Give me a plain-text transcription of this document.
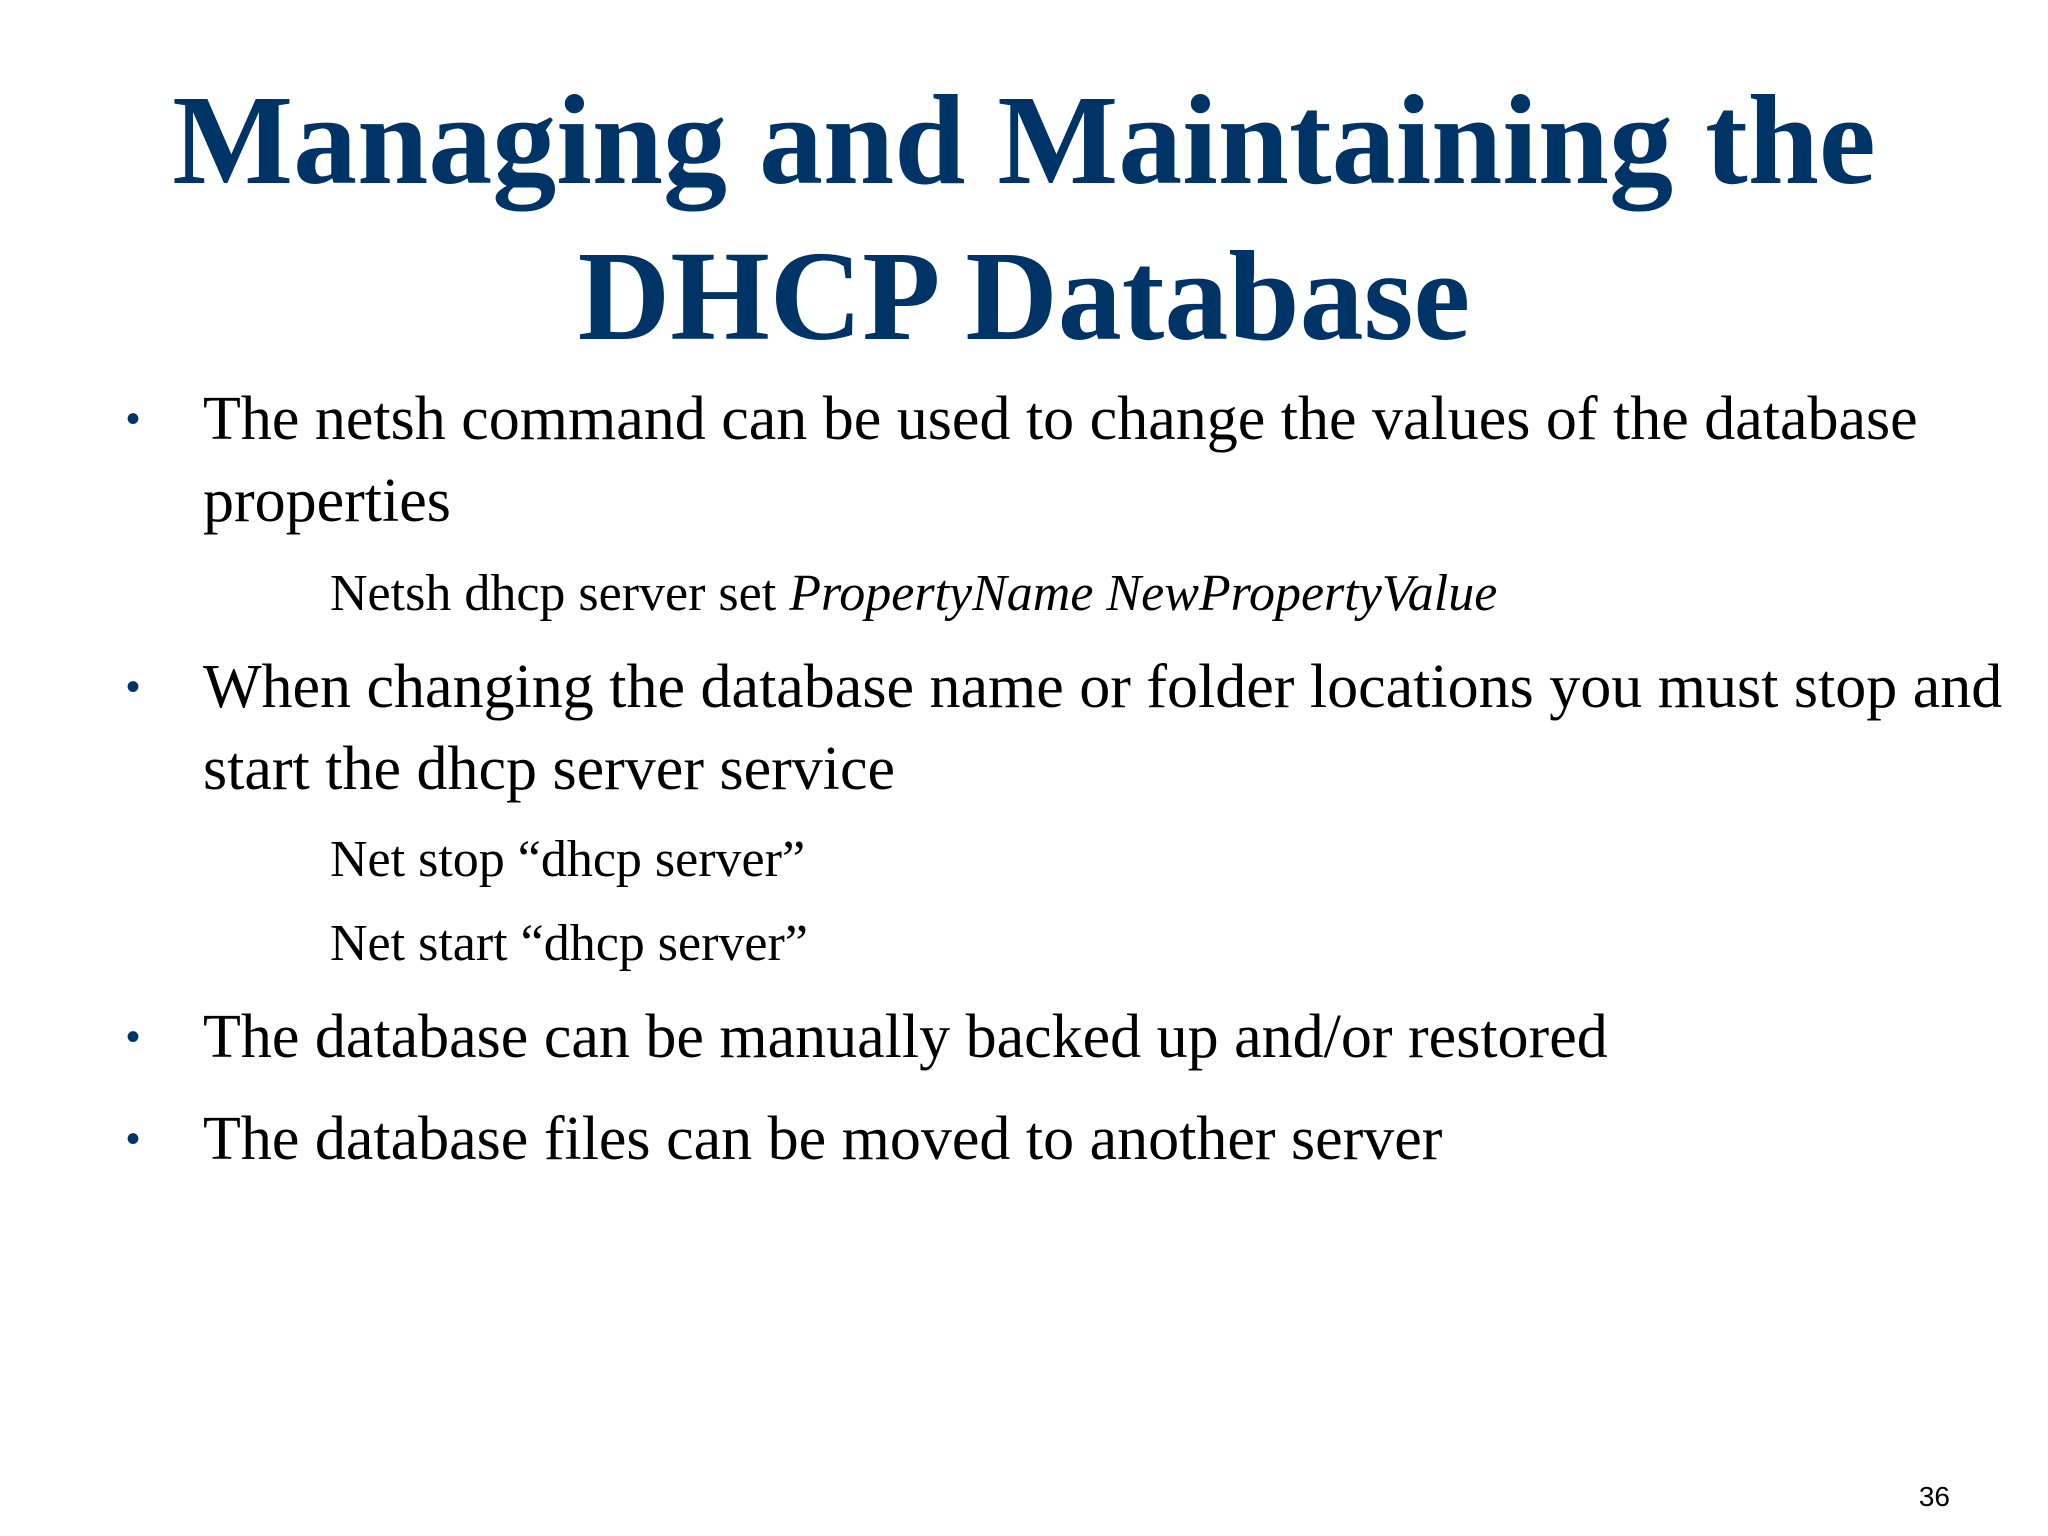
Managing and Maintaining the
DHCP Database
• The netsh command can be used to change the values of the database properties
Netsh dhcp server set PropertyName NewPropertyValue
• When changing the database name or folder locations you must stop and start the dhcp server service
Net stop “dhcp server”
Net start “dhcp server”
• The database can be manually backed up and/or restored
• The database files can be moved to another server
36
